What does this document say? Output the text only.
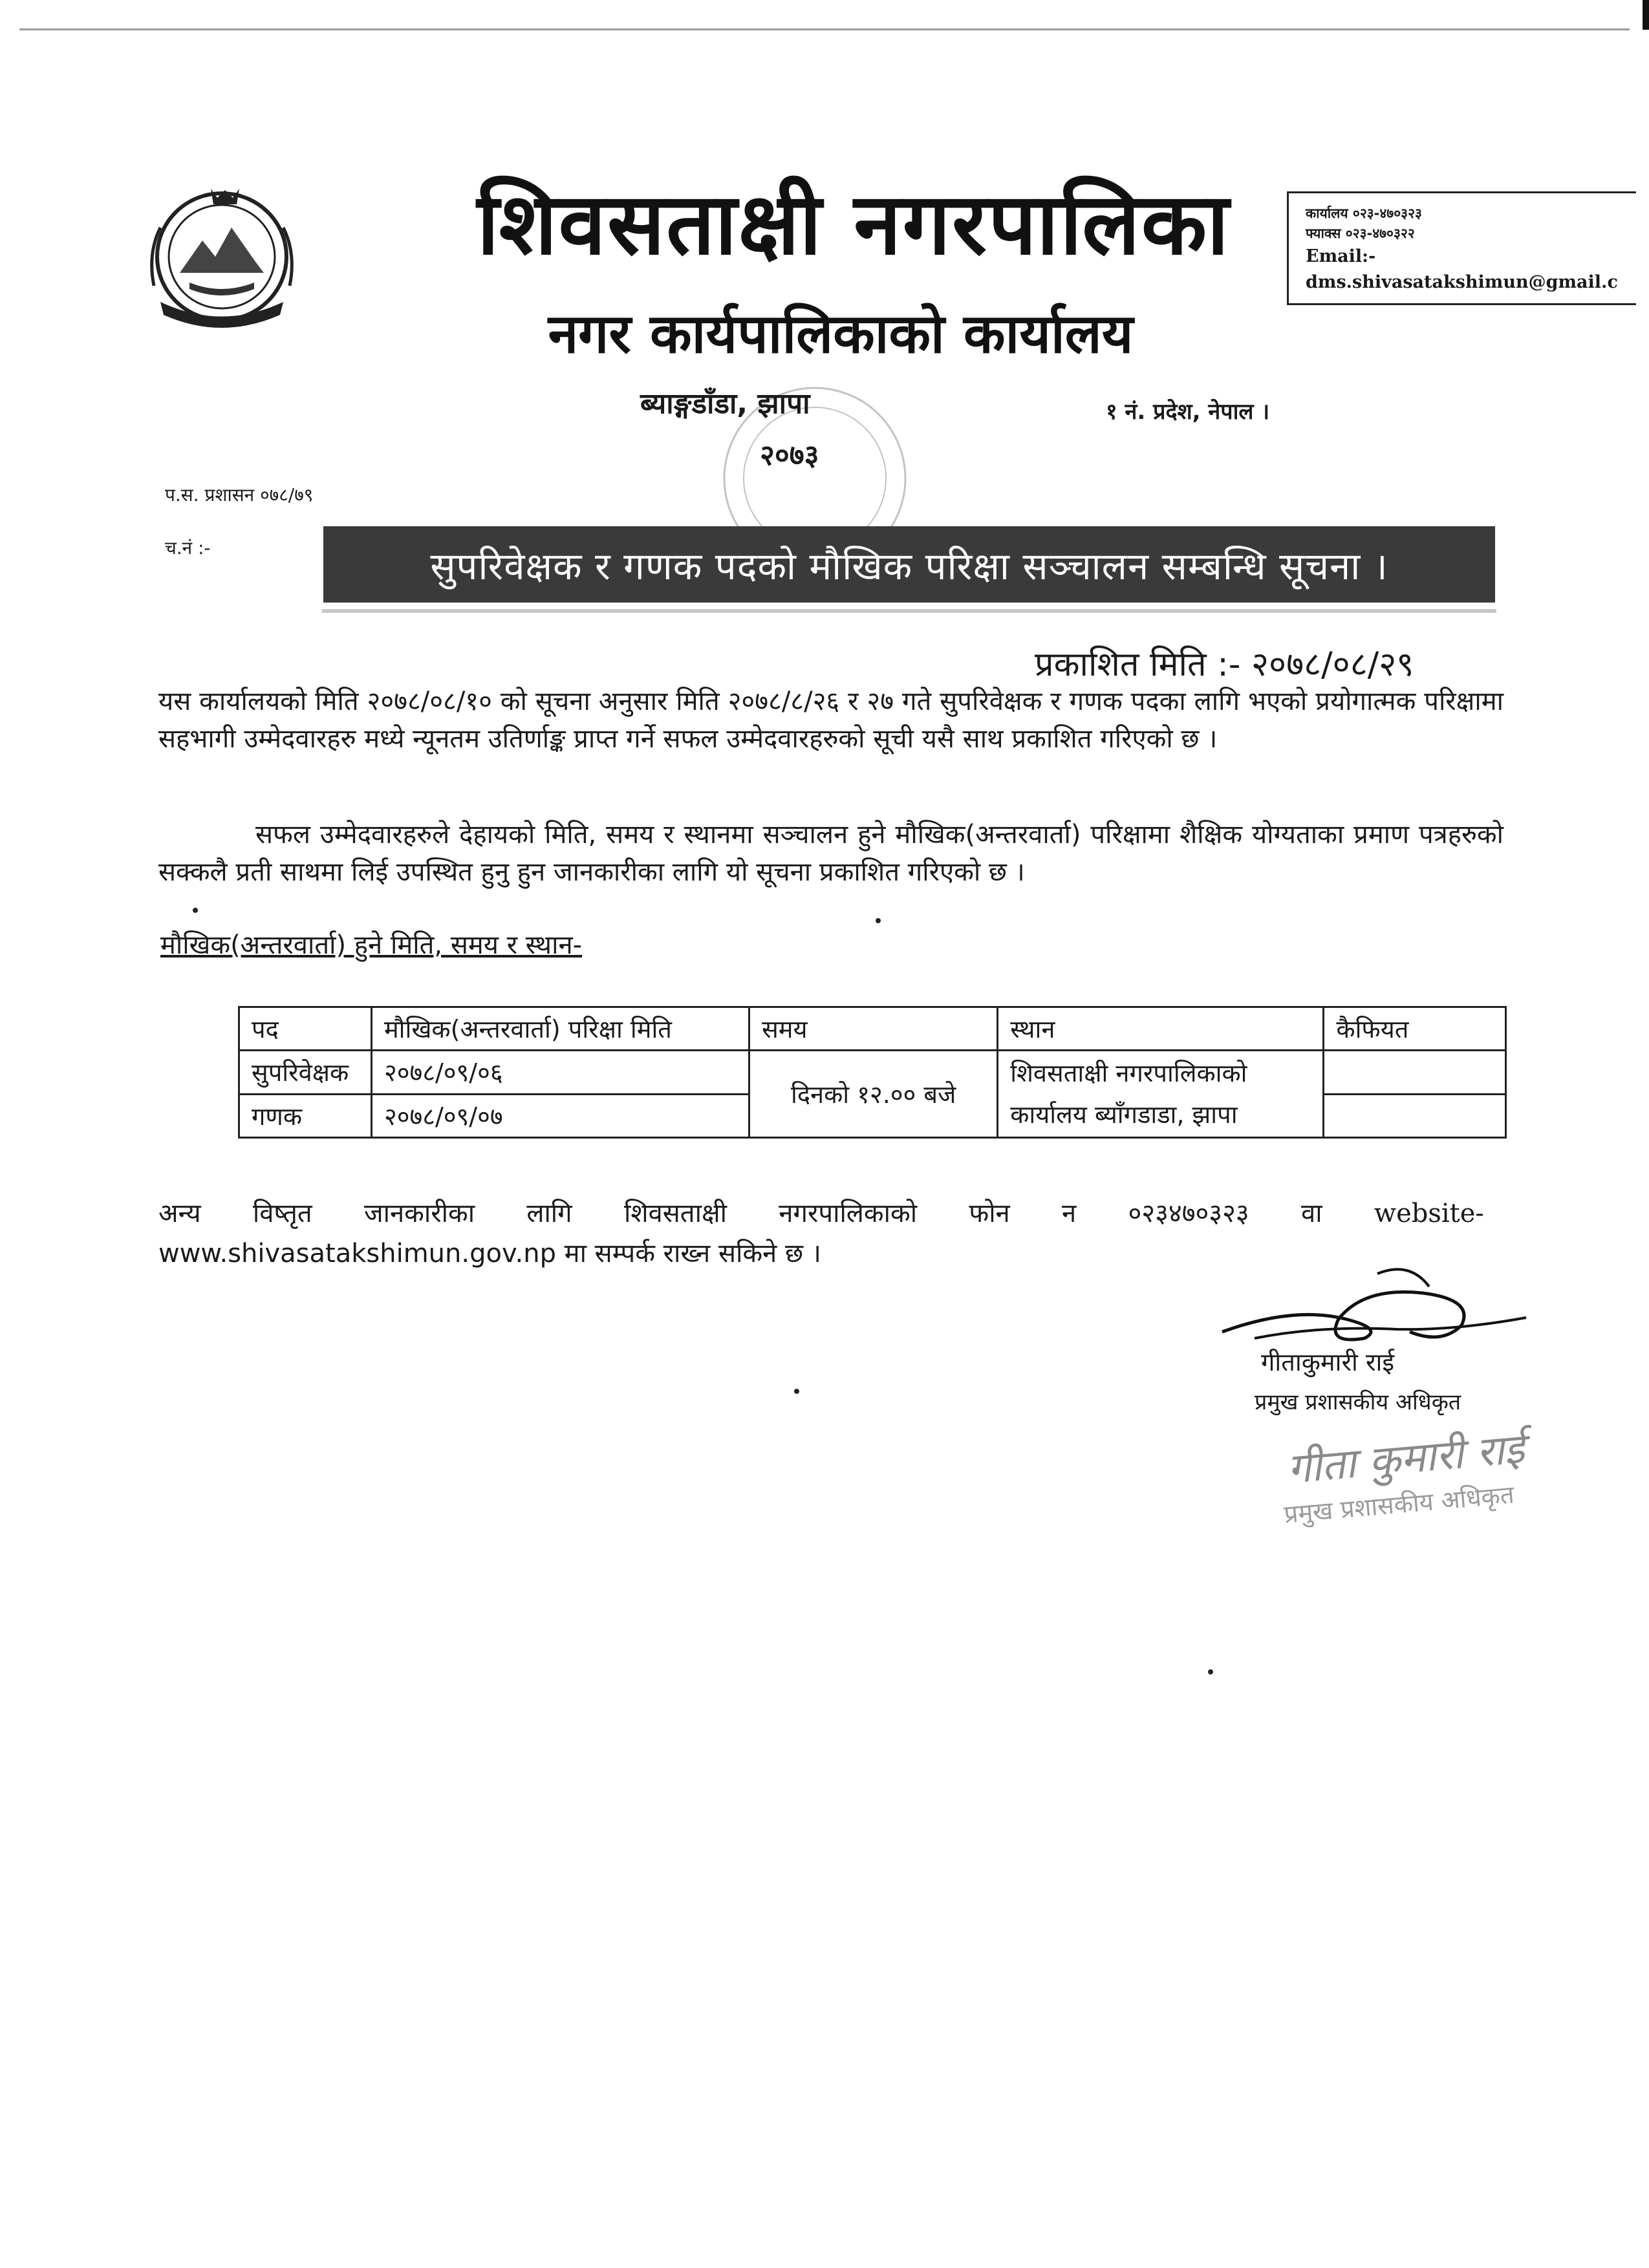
शिवसताक्षी नगरपालिका
नगर कार्यपालिकाको कार्यालय
ब्याङ्गडाँडा, झापा
२०७३
१ नं. प्रदेश, नेपाल ।
कार्यालय ०२३-४७०३२३
फ्याक्स ०२३-४७०३२२
Email:-
dms.shivasatakshimun@gmail.c
प.स. प्रशासन ०७८/७९
च.नं :-	सुपरिवेक्षक र गणक पदको मौखिक परिक्षा सञ्चालन सम्बन्धि सूचना ।
प्रकाशित मिति :- २०७८/०८/२९
यस कार्यालयको मिति २०७८/०८/१० को सूचना अनुसार मिति २०७८/८/२६ र २७ गते सुपरिवेक्षक र गणक पदका लागि भएको प्रयोगात्मक परिक्षामा सहभागी उम्मेदवारहरु मध्ये न्यूनतम उतिर्णाङ्क प्राप्त गर्ने सफल उम्मेदवारहरुको सूची यसै साथ प्रकाशित गरिएको छ ।
सफल उम्मेदवारहरुले देहायको मिति, समय र स्थानमा सञ्चालन हुने मौखिक(अन्तरवार्ता) परिक्षामा शैक्षिक योग्यताका प्रमाण पत्रहरुको सक्कलै प्रती साथमा लिई उपस्थित हुनु हुन जानकारीका लागि यो सूचना प्रकाशित गरिएको छ ।
मौखिक(अन्तरवार्ता) हुने मिति, समय र स्थान-
पद	मौखिक(अन्तरवार्ता) परिक्षा मिति	समय	स्थान	कैफियत
सुपरिवेक्षक	२०७८/०९/०६	दिनको १२.०० बजे	शिवसताक्षी नगरपालिकाको कार्यालय ब्याँगडाडा, झापा	
गणक	२०७८/०९/०७			
अन्य विष्तृत जानकारीका लागि शिवसताक्षी नगरपालिकाको फोन न ०२३४७०३२३ वा website-
www.shivasatakshimun.gov.np मा सम्पर्क राख्न सकिने छ ।
गीताकुमारी राई
प्रमुख प्रशासकीय अधिकृत
गीता कुमारी राई
प्रमुख प्रशासकीय अधिकृत
